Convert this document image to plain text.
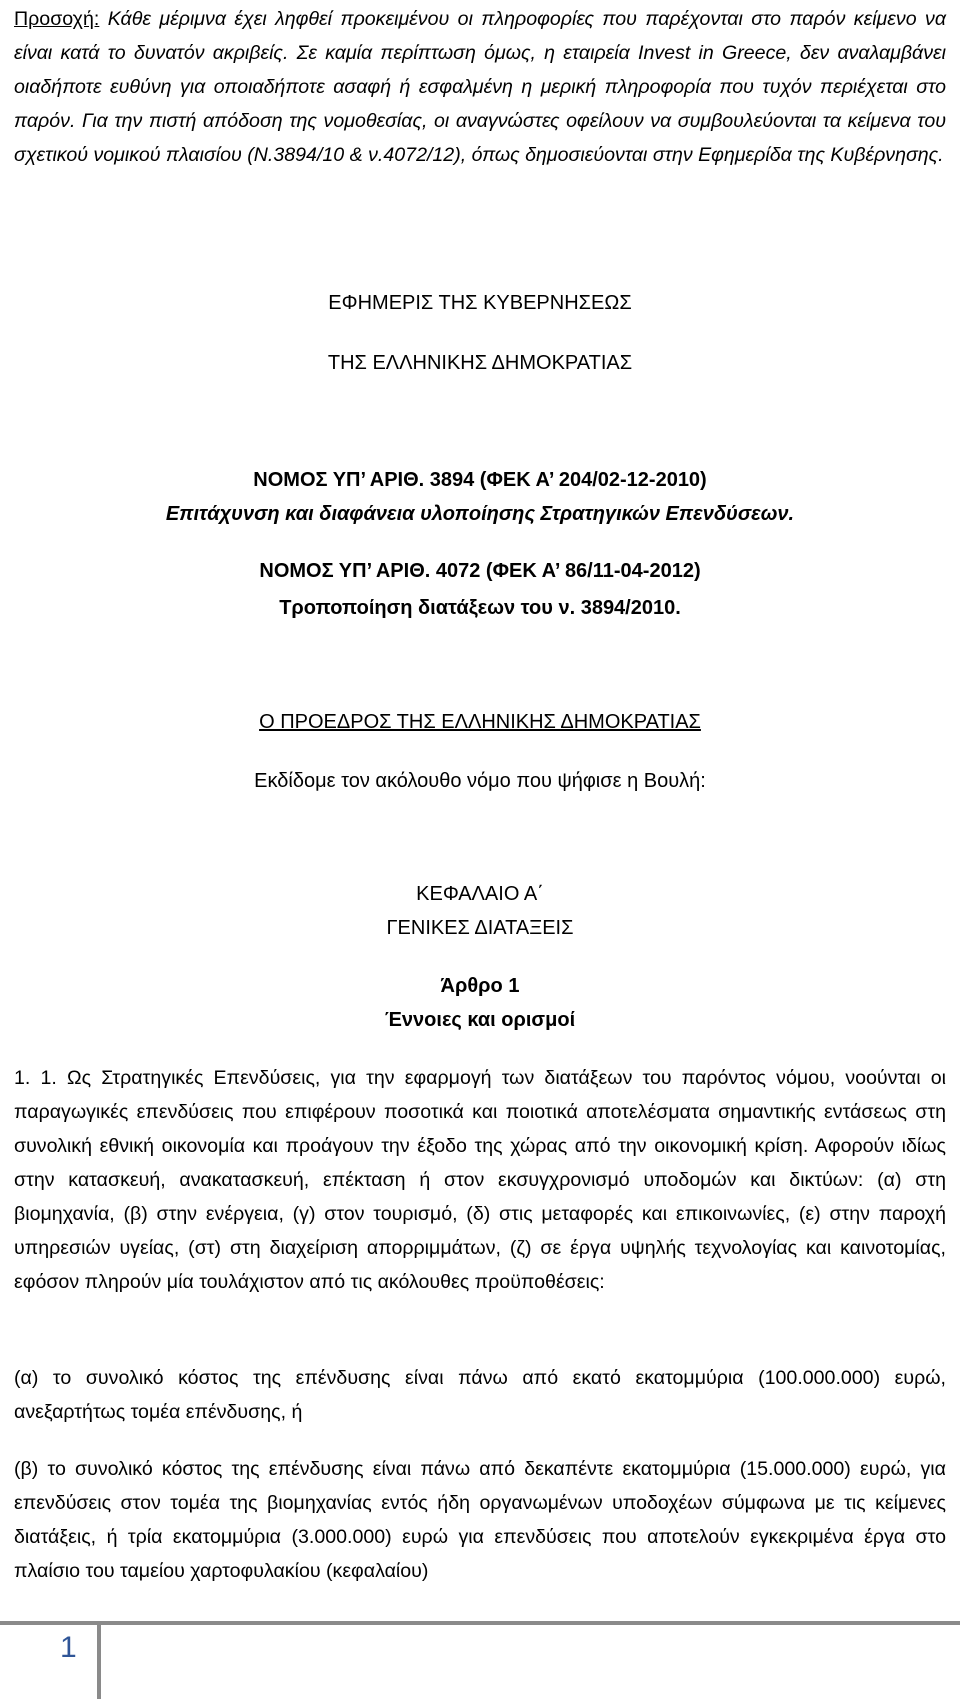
Προσοχή: Κάθε μέριμνα έχει ληφθεί προκειμένου οι πληροφορίες που παρέχονται στο παρόν κείμενο να είναι κατά το δυνατόν ακριβείς. Σε καμία περίπτωση όμως, η εταιρεία Invest in Greece, δεν αναλαμβάνει οιαδήποτε ευθύνη για οποιαδήποτε ασαφή ή εσφαλμένη η μερική πληροφορία που τυχόν περιέχεται στο παρόν. Για την πιστή απόδοση της νομοθεσίας, οι αναγνώστες οφείλουν να συμβουλεύονται τα κείμενα του σχετικού νομικού πλαισίου (Ν.3894/10 & ν.4072/12), όπως δημοσιεύονται στην Εφημερίδα της Κυβέρνησης.

ΕΦΗΜΕΡΙΣ ΤΗΣ ΚΥΒΕΡΝΗΣΕΩΣ

ΤΗΣ ΕΛΛΗΝΙΚΗΣ ΔΗΜΟΚΡΑΤΙΑΣ

ΝΟΜΟΣ ΥΠ’ ΑΡΙΘ. 3894 (ΦΕΚ Α’ 204/02-12-2010)

Επιτάχυνση και διαφάνεια υλοποίησης Στρατηγικών Επενδύσεων.

ΝΟΜΟΣ ΥΠ’ ΑΡΙΘ. 4072 (ΦΕΚ Α’ 86/11-04-2012)

Τροποποίηση διατάξεων του ν. 3894/2010.

Ο ΠΡΟΕΔΡΟΣ ΤΗΣ ΕΛΛΗΝΙΚΗΣ ΔΗΜΟΚΡΑΤΙΑΣ

Εκδίδομε τον ακόλουθο νόμο που ψήφισε η Βουλή:

ΚΕΦΑΛΑΙΟ Α΄

ΓΕΝΙΚΕΣ ΔΙΑΤΑΞΕΙΣ

Άρθρο 1

Έννοιες και ορισμοί

1. 1. Ως Στρατηγικές Επενδύσεις, για την εφαρμογή των διατάξεων του παρόντος νόμου, νοούνται οι παραγωγικές επενδύσεις που επιφέρουν ποσοτικά και ποιοτικά αποτελέσματα σημαντικής εντάσεως στη συνολική εθνική οικονομία και προάγουν την έξοδο της χώρας από την οικονομική κρίση. Αφορούν ιδίως στην κατασκευή, ανακατασκευή, επέκταση ή στον εκσυγχρονισμό υποδομών και δικτύων: (α) στη βιομηχανία, (β) στην ενέργεια, (γ) στον τουρισμό, (δ) στις μεταφορές και επικοινωνίες, (ε) στην παροχή υπηρεσιών υγείας, (στ) στη διαχείριση απορριμμάτων, (ζ) σε έργα υψηλής τεχνολογίας και καινοτομίας, εφόσον πληρούν μία τουλάχιστον από τις ακόλουθες προϋποθέσεις:

(α) το συνολικό κόστος της επένδυσης είναι πάνω από εκατό εκατομμύρια (100.000.000) ευρώ, ανεξαρτήτως τομέα επένδυσης, ή

(β) το συνολικό κόστος της επένδυσης είναι πάνω από δεκαπέντε εκατομμύρια (15.000.000) ευρώ, για επενδύσεις στον τομέα της βιομηχανίας εντός ήδη οργανωμένων υποδοχέων σύμφωνα με τις κείμενες διατάξεις, ή τρία εκατομμύρια (3.000.000) ευρώ για επενδύσεις που αποτελούν εγκεκριμένα έργα στο πλαίσιο του ταμείου χαρτοφυλακίου (κεφαλαίου)

1
